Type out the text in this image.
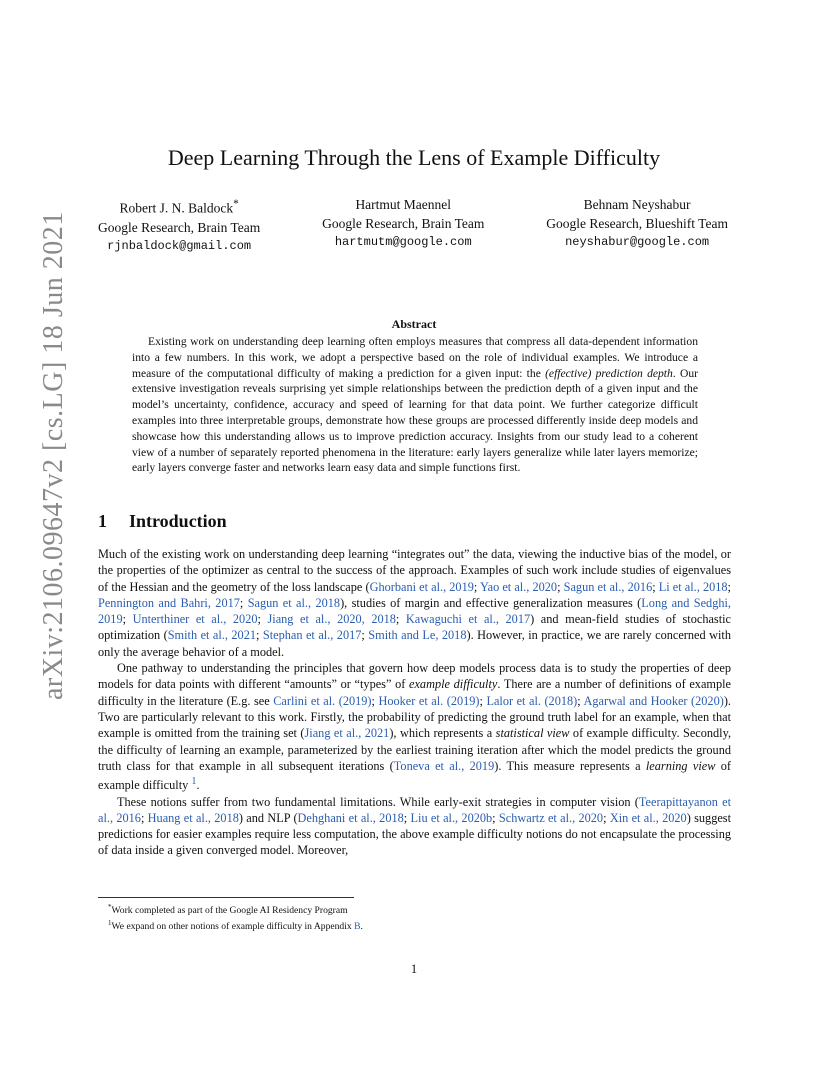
arXiv:2106.09647v2 [cs.LG] 18 Jun 2021
Deep Learning Through the Lens of Example Difficulty
Robert J. N. Baldock*
Google Research, Brain Team
rjnbaldock@gmail.com
Hartmut Maennel
Google Research, Brain Team
hartmutm@google.com
Behnam Neyshabur
Google Research, Blueshift Team
neyshabur@google.com
Abstract

Existing work on understanding deep learning often employs measures that compress all data-dependent information into a few numbers. In this work, we adopt a perspective based on the role of individual examples. We introduce a measure of the computational difficulty of making a prediction for a given input: the (effective) prediction depth. Our extensive investigation reveals surprising yet simple relationships between the prediction depth of a given input and the model’s uncertainty, confidence, accuracy and speed of learning for that data point. We further categorize difficult examples into three interpretable groups, demonstrate how these groups are processed differently inside deep models and showcase how this understanding allows us to improve prediction accuracy. Insights from our study lead to a coherent view of a number of separately reported phenomena in the literature: early layers generalize while later layers memorize; early layers converge faster and networks learn easy data and simple functions first.

1 Introduction

Much of the existing work on understanding deep learning “integrates out” the data, viewing the inductive bias of the model, or the properties of the optimizer as central to the success of the approach. Examples of such work include studies of eigenvalues of the Hessian and the geometry of the loss landscape (Ghorbani et al., 2019; Yao et al., 2020; Sagun et al., 2016; Li et al., 2018; Pennington and Bahri, 2017; Sagun et al., 2018), studies of margin and effective generalization measures (Long and Sedghi, 2019; Unterthiner et al., 2020; Jiang et al., 2020, 2018; Kawaguchi et al., 2017) and mean-field studies of stochastic optimization (Smith et al., 2021; Stephan et al., 2017; Smith and Le, 2018). However, in practice, we are rarely concerned with only the average behavior of a model.

One pathway to understanding the principles that govern how deep models process data is to study the properties of deep models for data points with different “amounts” or “types” of example difficulty. There are a number of definitions of example difficulty in the literature (E.g. see Carlini et al. (2019); Hooker et al. (2019); Lalor et al. (2018); Agarwal and Hooker (2020)). Two are particularly relevant to this work. Firstly, the probability of predicting the ground truth label for an example, when that example is omitted from the training set (Jiang et al., 2021), which represents a statistical view of example difficulty. Secondly, the difficulty of learning an example, parameterized by the earliest training iteration after which the model predicts the ground truth class for that example in all subsequent iterations (Toneva et al., 2019). This measure represents a learning view of example difficulty $^1$.

These notions suffer from two fundamental limitations. While early-exit strategies in computer vision (Teerapittayanon et al., 2016; Huang et al., 2018) and NLP (Dehghani et al., 2018; Liu et al., 2020b; Schwartz et al., 2020; Xin et al., 2020) suggest predictions for easier examples require less computation, the above example difficulty notions do not encapsulate the processing of data inside a given converged model. Moreover,

*Work completed as part of the Google AI Residency Program
$^1$We expand on other notions of example difficulty in Appendix B.
1
